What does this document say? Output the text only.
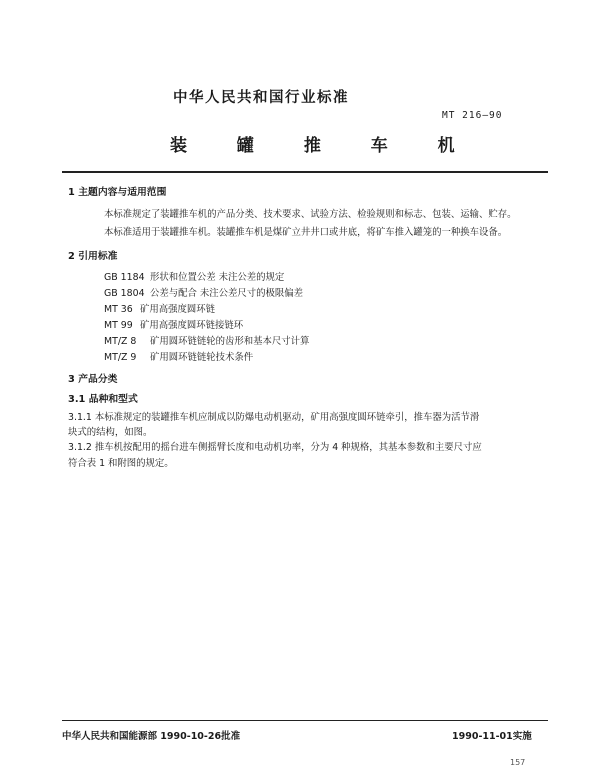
中华人民共和国行业标准
MT 216—90
装 罐 推 车 机
1 主题内容与适用范围
本标准规定了装罐推车机的产品分类、技术要求、试验方法、检验规则和标志、包装、运输、贮存。
本标准适用于装罐推车机。装罐推车机是煤矿立井井口或井底，将矿车推入罐笼的一种换车设备。
2 引用标准
GB 1184 形状和位置公差 未注公差的规定
GB 1804 公差与配合 未注公差尺寸的极限偏差
MT 36 矿用高强度圆环链
MT 99 矿用高强度圆环链接链环
MT/Z 8 矿用圆环链链轮的齿形和基本尺寸计算
MT/Z 9 矿用圆环链链轮技术条件
3 产品分类
3.1 品种和型式
3.1.1 本标准规定的装罐推车机应制成以防爆电动机驱动，矿用高强度圆环链牵引，推车器为活节滑
块式的结构，如图。
3.1.2 推车机按配用的摇台进车侧摇臂长度和电动机功率，分为 4 种规格，其基本参数和主要尺寸应
符合表 1 和附图的规定。
中华人民共和国能源部 1990-10-26批准	1990-11-01实施
157
